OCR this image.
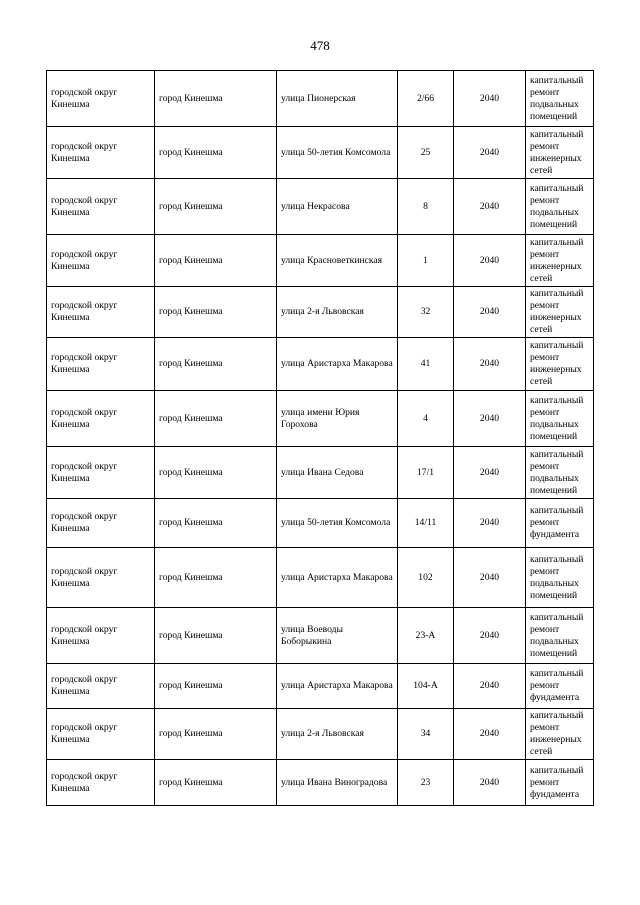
478
городской округ Кинешма	город Кинешма	улица Пионерская	2/66	2040	капитальный ремонт подвальных помещений
городской округ Кинешма	город Кинешма	улица 50-летия Комсомола	25	2040	капитальный ремонт инженерных сетей
городской округ Кинешма	город Кинешма	улица Некрасова	8	2040	капитальный ремонт подвальных помещений
городской округ Кинешма	город Кинешма	улица Красноветкинская	1	2040	капитальный ремонт инженерных сетей
городской округ Кинешма	город Кинешма	улица 2-я Львовская	32	2040	капитальный ремонт инженерных сетей
городской округ Кинешма	город Кинешма	улица Аристарха Макарова	41	2040	капитальный ремонт инженерных сетей
городской округ Кинешма	город Кинешма	улица имени Юрия Горохова	4	2040	капитальный ремонт подвальных помещений
городской округ Кинешма	город Кинешма	улица Ивана Седова	17/1	2040	капитальный ремонт подвальных помещений
городской округ Кинешма	город Кинешма	улица 50-летия Комсомола	14/11	2040	капитальный ремонт фундамента
городской округ Кинешма	город Кинешма	улица Аристарха Макарова	102	2040	капитальный ремонт подвальных помещений
городской округ Кинешма	город Кинешма	улица Воеводы Боборыкина	23-А	2040	капитальный ремонт подвальных помещений
городской округ Кинешма	город Кинешма	улица Аристарха Макарова	104-А	2040	капитальный ремонт фундамента
городской округ Кинешма	город Кинешма	улица 2-я Львовская	34	2040	капитальный ремонт инженерных сетей
городской округ Кинешма	город Кинешма	улица Ивана Виноградова	23	2040	капитальный ремонт фундамента
